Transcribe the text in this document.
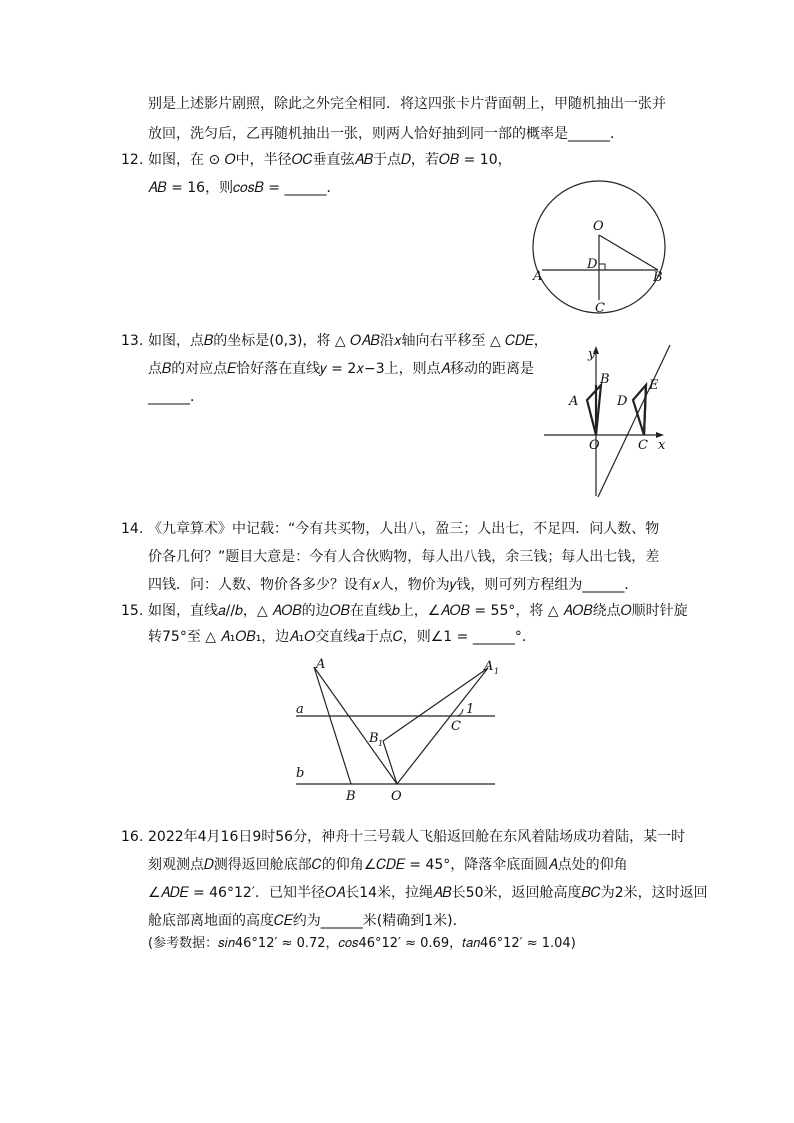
别是上述影片剧照，除此之外完全相同．将这四张卡片背面朝上，甲随机抽出一张并
放回，洗匀后，乙再随机抽出一张，则两人恰好抽到同一部的概率是______．
12. 如图，在 ⊙ 𝑂中，半径𝑂𝐶垂直弦𝐴𝐵于点𝐷，若𝑂𝐵 = 10，
𝐴𝐵 = 16，则𝑐𝑜𝑠𝐵 = ______．
O
D
A	B
C
13. 如图，点𝐵的坐标是(0,3)，将 △ 𝑂𝐴𝐵沿𝑥轴向右平移至 △ 𝐶𝐷𝐸，
点𝐵的对应点𝐸恰好落在直线𝑦 = 2𝑥−3上，则点𝐴移动的距离是
______．
y
x
A
B
O
D
E
C
14. 《九章算术》中记载：“今有共买物，人出八，盈三；人出七，不足四．问人数、物
价各几何？”题目大意是：今有人合伙购物，每人出八钱，余三钱；每人出七钱，差
四钱．问：人数、物价各多少？设有𝑥人，物价为𝑦钱，则可列方程组为______．
15. 如图，直线𝑎//𝑏，△ 𝐴𝑂𝐵的边𝑂𝐵在直线𝑏上，∠𝐴𝑂𝐵 = 55°，将 △ 𝐴𝑂𝐵绕点𝑂顺时针旋
转75°至 △ 𝐴₁𝑂𝐵₁，边𝐴₁𝑂交直线𝑎于点𝐶，则∠1 = ______°．
A	A 1
a
b
B 1
C
1
B	O
16. 2022年4月16日9时56分，神舟十三号载人飞船返回舱在东风着陆场成功着陆，某一时
刻观测点𝐷测得返回舱底部𝐶的仰角∠𝐶𝐷𝐸 = 45°，降落伞底面圆𝐴点处的仰角
∠𝐴𝐷𝐸 = 46°12′．已知半径𝑂𝐴长14米，拉绳𝐴𝐵长50米，返回舱高度𝐵𝐶为2米，这时返回
舱底部离地面的高度𝐶𝐸约为______米(精确到1米)．
(参考数据：𝑠𝑖𝑛46°12′ ≈ 0.72，𝑐𝑜𝑠46°12′ ≈ 0.69，𝑡𝑎𝑛46°12′ ≈ 1.04)
